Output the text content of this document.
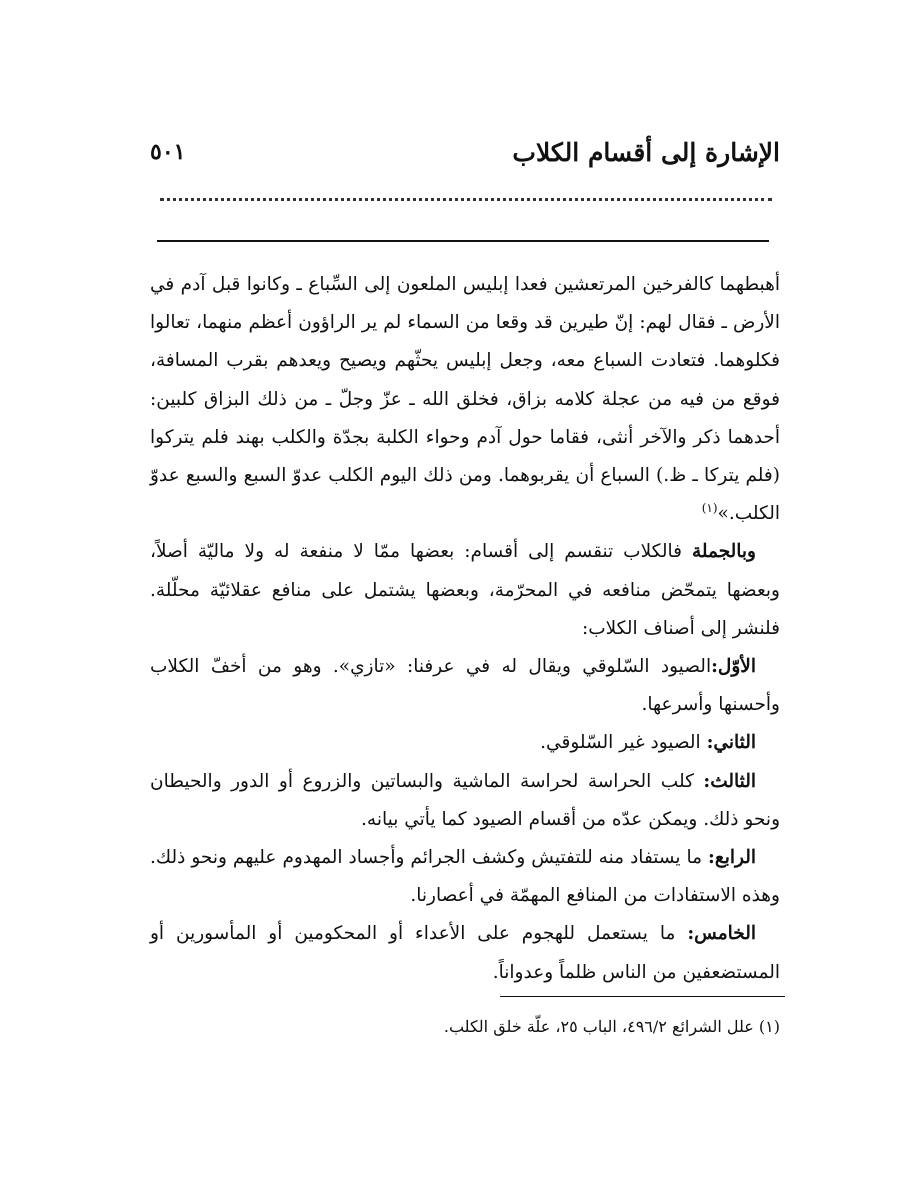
٥٠١	الإشارة إلى أقسام الكلاب

أهبطهما كالفرخين المرتعشين فعدا إبليس الملعون إلى السِّباع ـ وكانوا قبل آدم في الأرض ـ فقال لهم: إنّ طيرين قد وقعا من السماء لم ير الراؤون أعظم منهما، تعالوا فكلوهما. فتعادت السباع معه، وجعل إبليس يحثّهم ويصيح ويعدهم بقرب المسافة، فوقع من فيه من عجلة كلامه بزاق، فخلق الله ـ عزّ وجلّ ـ من ذلك البزاق كلبين: أحدهما ذكر والآخر أنثى، فقاما حول آدم وحواء الكلبة بجدّة والكلب بهند فلم يتركوا (فلم يتركا ـ ظ.) السباع أن يقربوهما. ومن ذلك اليوم الكلب عدوّ السبع والسبع عدوّ الكلب.»$^{(١)}$

وبالجملة فالكلاب تنقسم إلى أقسام: بعضها ممّا لا منفعة له ولا ماليّة أصلاً، وبعضها يتمحّض منافعه في المحرّمة، وبعضها يشتمل على منافع عقلائيّة محلّلة. فلنشر إلى أصناف الكلاب:

الأوّل:الصيود السّلوقي ويقال له في عرفنا: «تازي». وهو من أخفّ الكلاب وأحسنها وأسرعها.

الثاني: الصيود غير السّلوقي.

الثالث: كلب الحراسة لحراسة الماشية والبساتين والزروع أو الدور والحيطان ونحو ذلك. ويمكن عدّه من أقسام الصيود كما يأتي بيانه.

الرابع: ما يستفاد منه للتفتيش وكشف الجرائم وأجساد المهدوم عليهم ونحو ذلك. وهذه الاستفادات من المنافع المهمّة في أعصارنا.

الخامس: ما يستعمل للهجوم على الأعداء أو المحكومين أو المأسورين أو المستضعفين من الناس ظلماً وعدواناً.

(١) علل الشرائع ٤٩٦/٢، الباب ٢٥، علّة خلق الكلب.
